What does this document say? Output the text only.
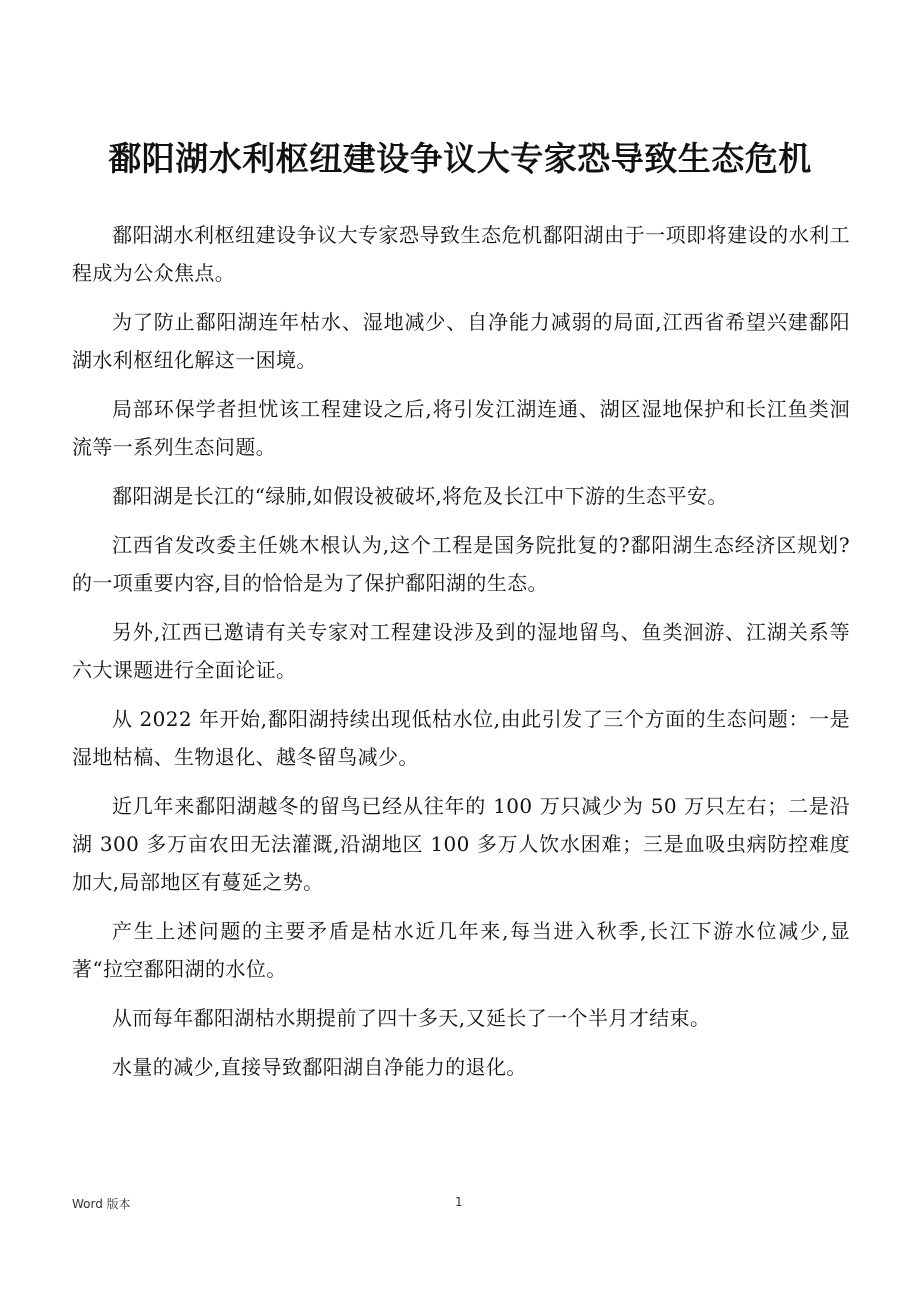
鄱阳湖水利枢纽建设争议大专家恐导致生态危机

鄱阳湖水利枢纽建设争议大专家恐导致生态危机鄱阳湖由于一项即将建设的水利工程成为公众焦点。

为了防止鄱阳湖连年枯水、湿地减少、自净能力减弱的局面,江西省希望兴建鄱阳湖水利枢纽化解这一困境。

局部环保学者担忧该工程建设之后,将引发江湖连通、湖区湿地保护和长江鱼类洄流等一系列生态问题。

鄱阳湖是长江的“绿肺,如假设被破坏,将危及长江中下游的生态平安。

江西省发改委主任姚木根认为,这个工程是国务院批复的?鄱阳湖生态经济区规划?的一项重要内容,目的恰恰是为了保护鄱阳湖的生态。

另外,江西已邀请有关专家对工程建设涉及到的湿地留鸟、鱼类洄游、江湖关系等六大课题进行全面论证。

从 2022 年开始,鄱阳湖持续出现低枯水位,由此引发了三个方面的生态问题：一是湿地枯槁、生物退化、越冬留鸟减少。

近几年来鄱阳湖越冬的留鸟已经从往年的 100 万只减少为 50 万只左右；二是沿湖 300 多万亩农田无法灌溉,沿湖地区 100 多万人饮水困难；三是血吸虫病防控难度加大,局部地区有蔓延之势。

产生上述问题的主要矛盾是枯水近几年来,每当进入秋季,长江下游水位减少,显著“拉空鄱阳湖的水位。

从而每年鄱阳湖枯水期提前了四十多天,又延长了一个半月才结束。

水量的减少,直接导致鄱阳湖自净能力的退化。

Word 版本	1
